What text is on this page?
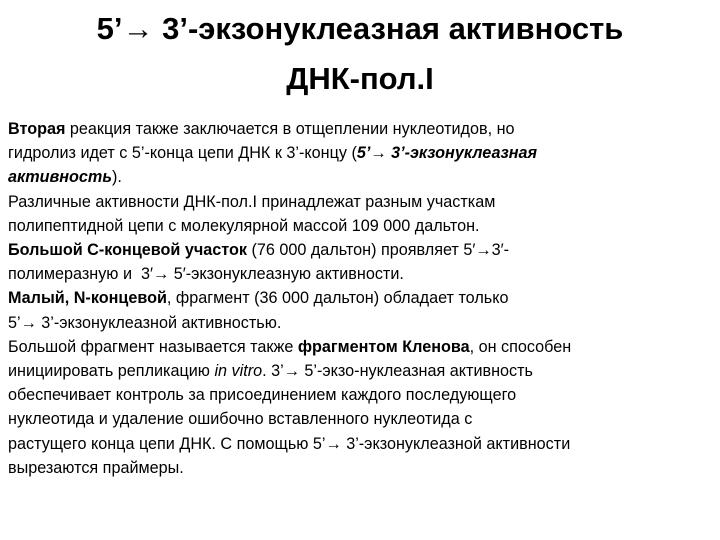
5’→ 3’-экзонуклеазная активность
ДНК-пол.I

Вторая реакция также заключается в отщеплении нуклеотидов, но
гидролиз идет с 5’-конца цепи ДНК к 3’-концу (5’→ 3’-экзонуклеазная
активность).

Различные активности ДНК-пол.I принадлежат разным участкам
полипептидной цепи с молекулярной массой 109 000 дальтон.

Большой С-концевой участок (76 000 дальтон) проявляет 5′→3′-
полимеразную и  3′→ 5′-экзонуклеазную активности.

Малый, N-концевой, фрагмент (36 000 дальтон) обладает только
5’→ 3’-экзонуклеазной активностью.

Большой фрагмент называется также фрагментом Кленова, он способен
инициировать репликацию in vitro. 3’→ 5’-экзо-нуклеазная активность
обеспечивает контроль за присоединением каждого последующего
нуклеотида и удаление ошибочно вставленного нуклеотида с
растущего конца цепи ДНК. С помощью 5’→ 3’-экзонуклеазной активности
вырезаются праймеры.
